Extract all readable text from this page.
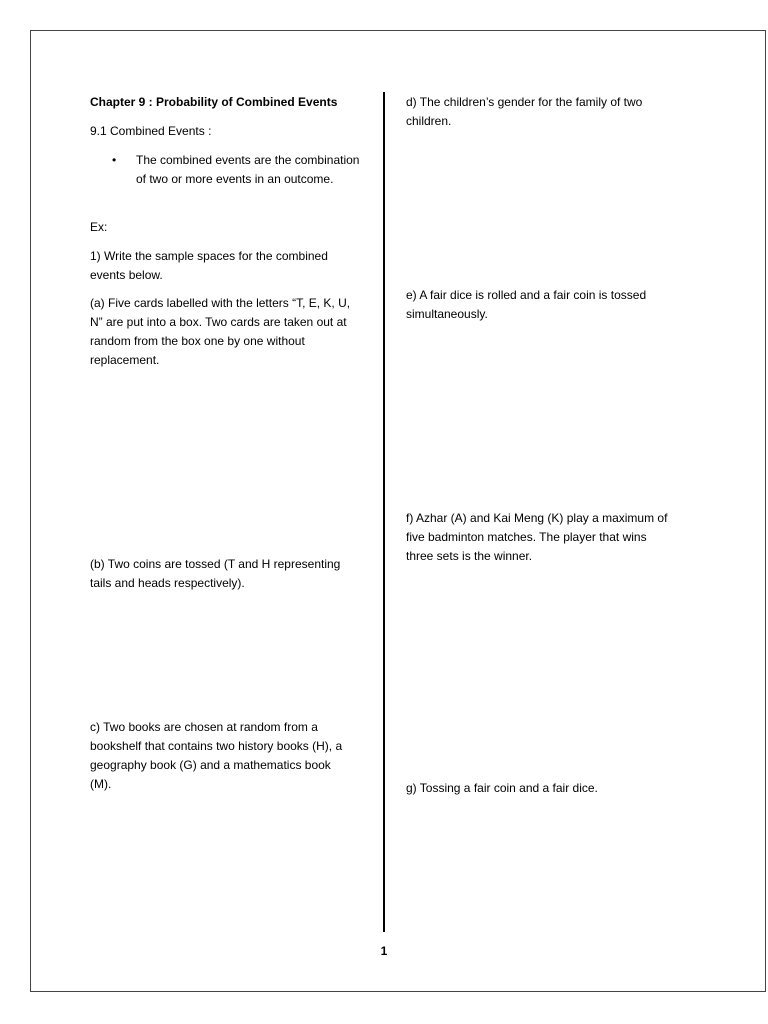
Chapter 9 : Probability of Combined Events

9.1 Combined Events :

• The combined events are the combination of two or more events in an outcome.

Ex:

1) Write the sample spaces for the combined events below.

(a) Five cards labelled with the letters “T, E, K, U, N” are put into a box. Two cards are taken out at random from the box one by one without replacement.

(b) Two coins are tossed (T and H representing tails and heads respectively).

c) Two books are chosen at random from a bookshelf that contains two history books (H), a geography book (G) and a mathematics book (M).

d) The children’s gender for the family of two children.

e) A fair dice is rolled and a fair coin is tossed simultaneously.

f) Azhar (A) and Kai Meng (K) play a maximum of five badminton matches. The player that wins three sets is the winner.

g) Tossing a fair coin and a fair dice.

1
